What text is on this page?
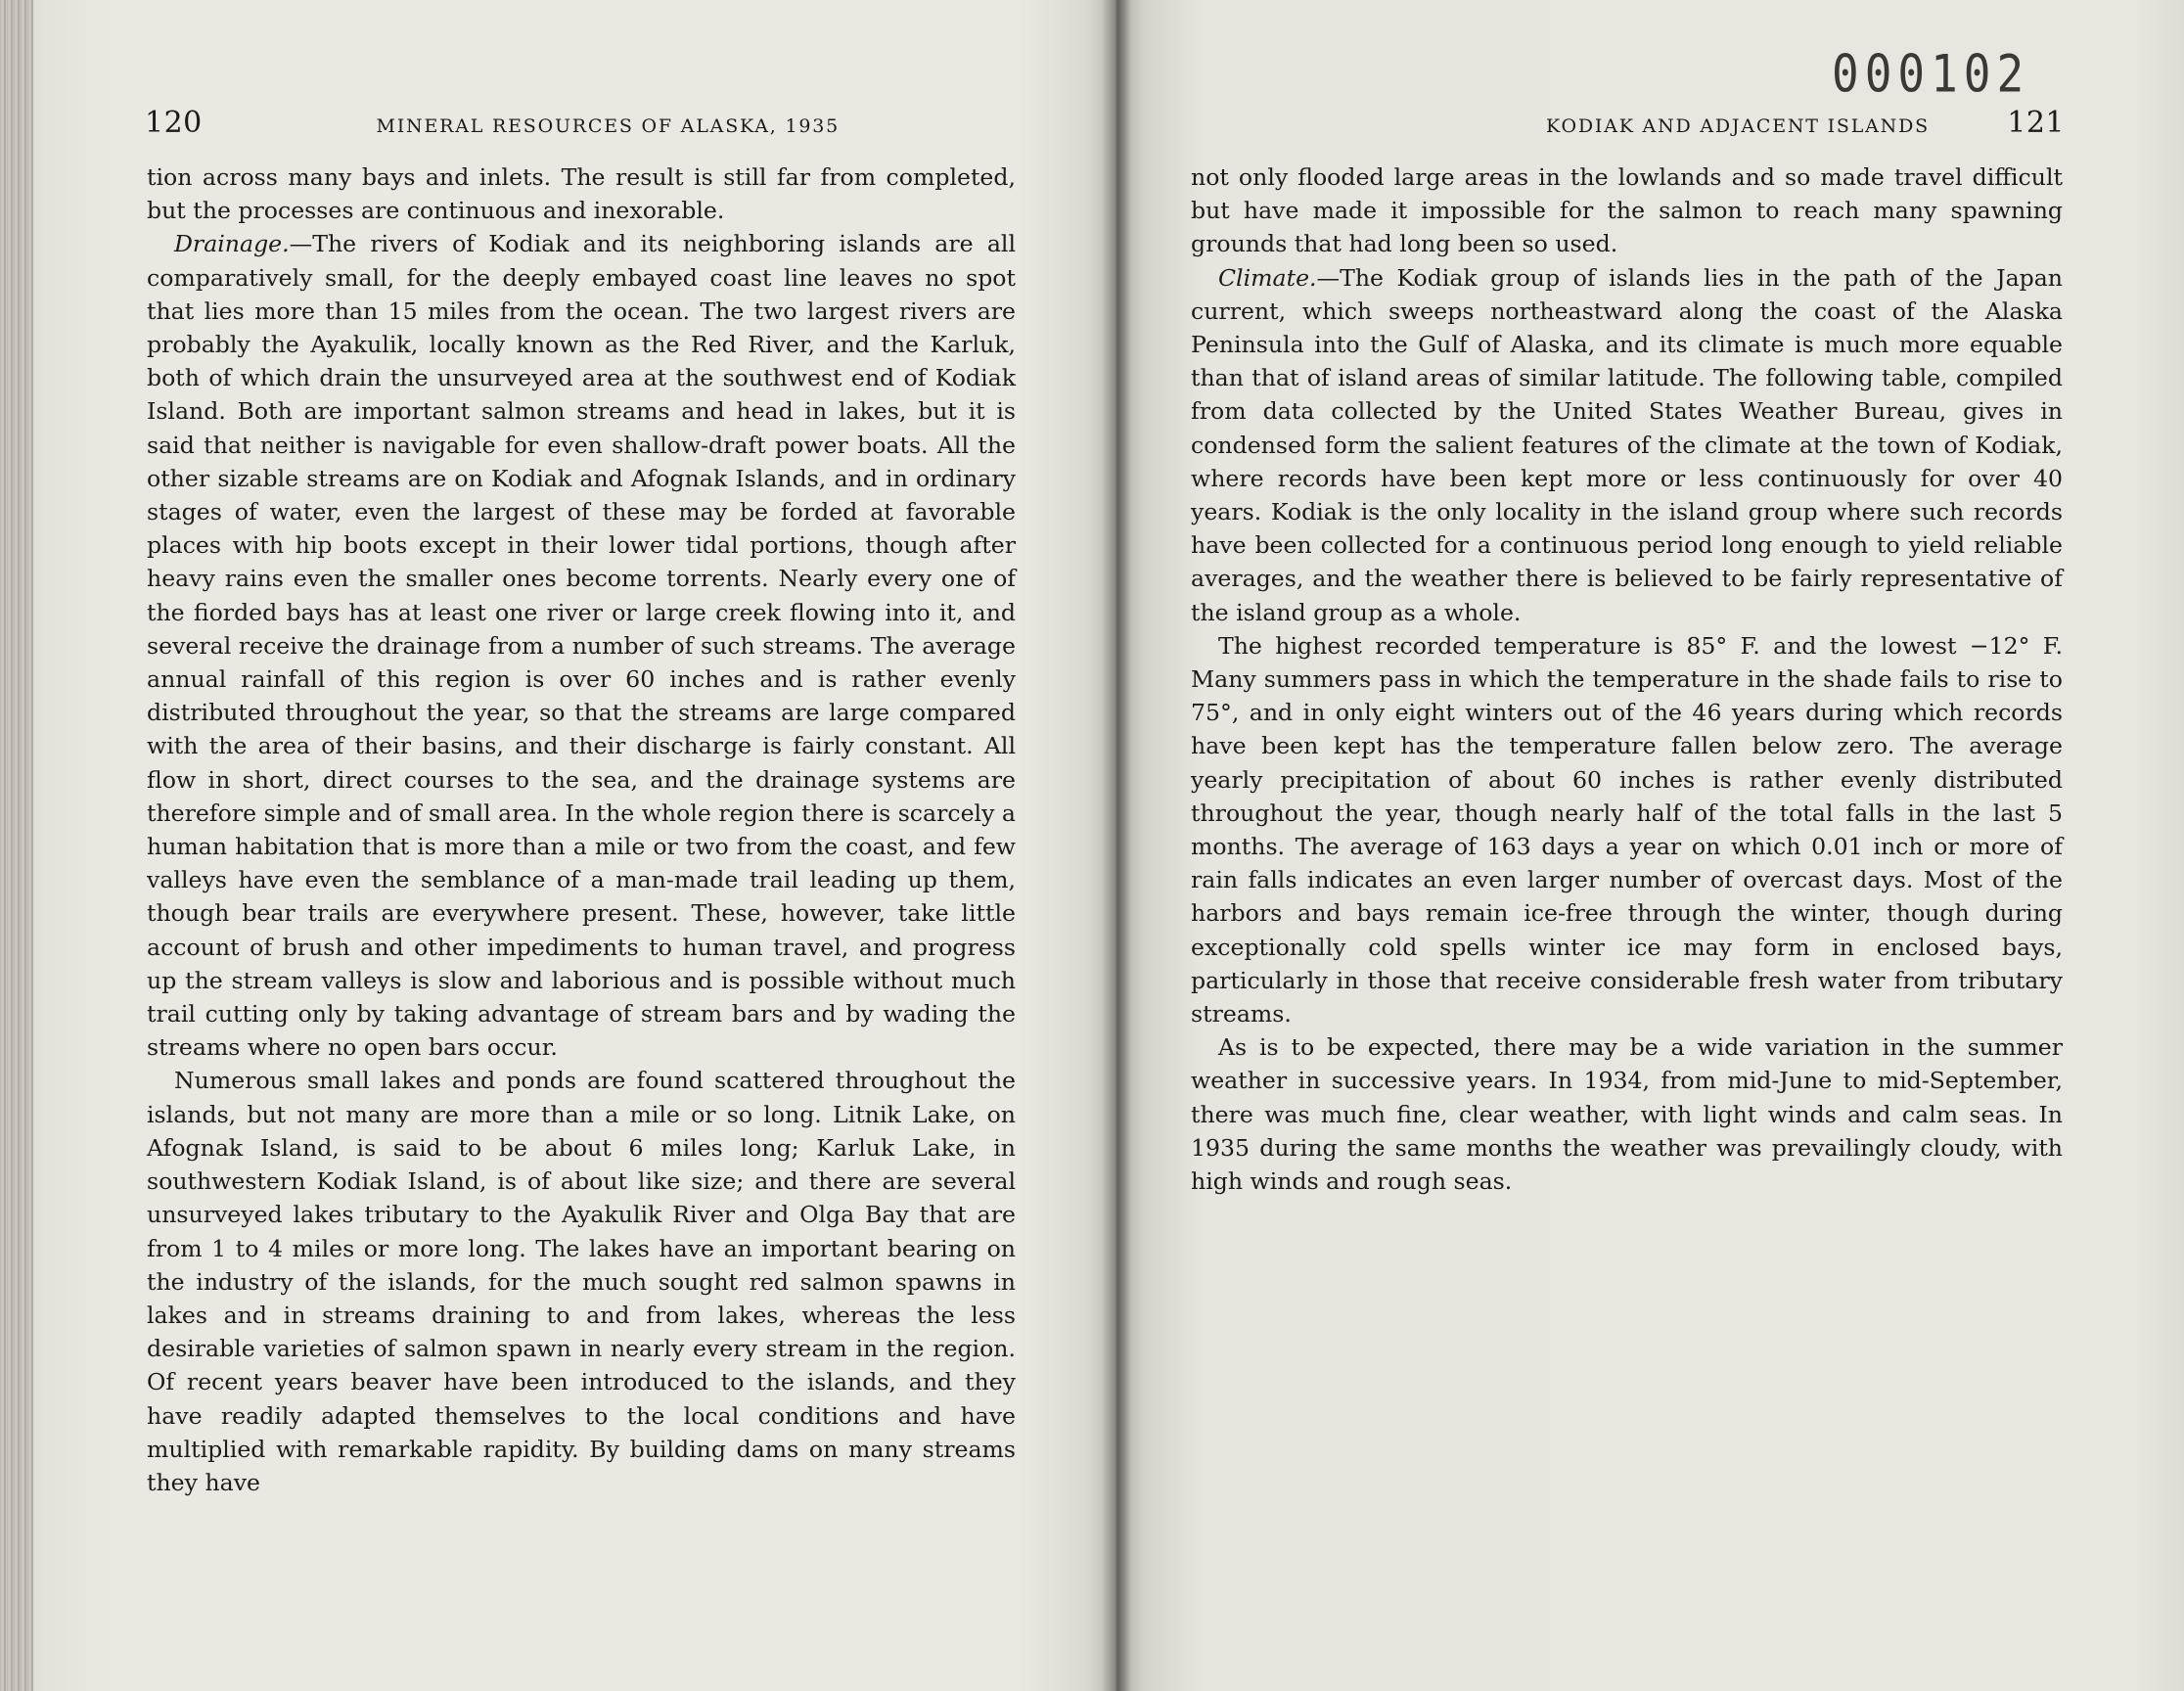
120	MINERAL RESOURCES OF ALASKA, 1935

tion across many bays and inlets. The result is still far from completed, but the processes are continuous and inexorable.

Drainage.—The rivers of Kodiak and its neighboring islands are all comparatively small, for the deeply embayed coast line leaves no spot that lies more than 15 miles from the ocean. The two largest rivers are probably the Ayakulik, locally known as the Red River, and the Karluk, both of which drain the unsurveyed area at the southwest end of Kodiak Island. Both are important salmon streams and head in lakes, but it is said that neither is navigable for even shallow-draft power boats. All the other sizable streams are on Kodiak and Afognak Islands, and in ordinary stages of water, even the largest of these may be forded at favorable places with hip boots except in their lower tidal portions, though after heavy rains even the smaller ones become torrents. Nearly every one of the fiorded bays has at least one river or large creek flowing into it, and several receive the drainage from a number of such streams. The average annual rainfall of this region is over 60 inches and is rather evenly distributed throughout the year, so that the streams are large compared with the area of their basins, and their discharge is fairly constant. All flow in short, direct courses to the sea, and the drainage systems are therefore simple and of small area. In the whole region there is scarcely a human habitation that is more than a mile or two from the coast, and few valleys have even the semblance of a man-made trail leading up them, though bear trails are everywhere present. These, however, take little account of brush and other impediments to human travel, and progress up the stream valleys is slow and laborious and is possible without much trail cutting only by taking advantage of stream bars and by wading the streams where no open bars occur.

Numerous small lakes and ponds are found scattered throughout the islands, but not many are more than a mile or so long. Litnik Lake, on Afognak Island, is said to be about 6 miles long; Karluk Lake, in southwestern Kodiak Island, is of about like size; and there are several unsurveyed lakes tributary to the Ayakulik River and Olga Bay that are from 1 to 4 miles or more long. The lakes have an important bearing on the industry of the islands, for the much sought red salmon spawns in lakes and in streams draining to and from lakes, whereas the less desirable varieties of salmon spawn in nearly every stream in the region. Of recent years beaver have been introduced to the islands, and they have readily adapted themselves to the local conditions and have multiplied with remarkable rapidity. By building dams on many streams they have

000102
KODIAK AND ADJACENT ISLANDS	121

not only flooded large areas in the lowlands and so made travel difficult but have made it impossible for the salmon to reach many spawning grounds that had long been so used.

Climate.—The Kodiak group of islands lies in the path of the Japan current, which sweeps northeastward along the coast of the Alaska Peninsula into the Gulf of Alaska, and its climate is much more equable than that of island areas of similar latitude. The following table, compiled from data collected by the United States Weather Bureau, gives in condensed form the salient features of the climate at the town of Kodiak, where records have been kept more or less continuously for over 40 years. Kodiak is the only locality in the island group where such records have been collected for a continuous period long enough to yield reliable averages, and the weather there is believed to be fairly representative of the island group as a whole.

The highest recorded temperature is 85° F. and the lowest −12° F. Many summers pass in which the temperature in the shade fails to rise to 75°, and in only eight winters out of the 46 years during which records have been kept has the temperature fallen below zero. The average yearly precipitation of about 60 inches is rather evenly distributed throughout the year, though nearly half of the total falls in the last 5 months. The average of 163 days a year on which 0.01 inch or more of rain falls indicates an even larger number of overcast days. Most of the harbors and bays remain ice-free through the winter, though during exceptionally cold spells winter ice may form in enclosed bays, particularly in those that receive considerable fresh water from tributary streams.

As is to be expected, there may be a wide variation in the summer weather in successive years. In 1934, from mid-June to mid-September, there was much fine, clear weather, with light winds and calm seas. In 1935 during the same months the weather was prevailingly cloudy, with high winds and rough seas.
